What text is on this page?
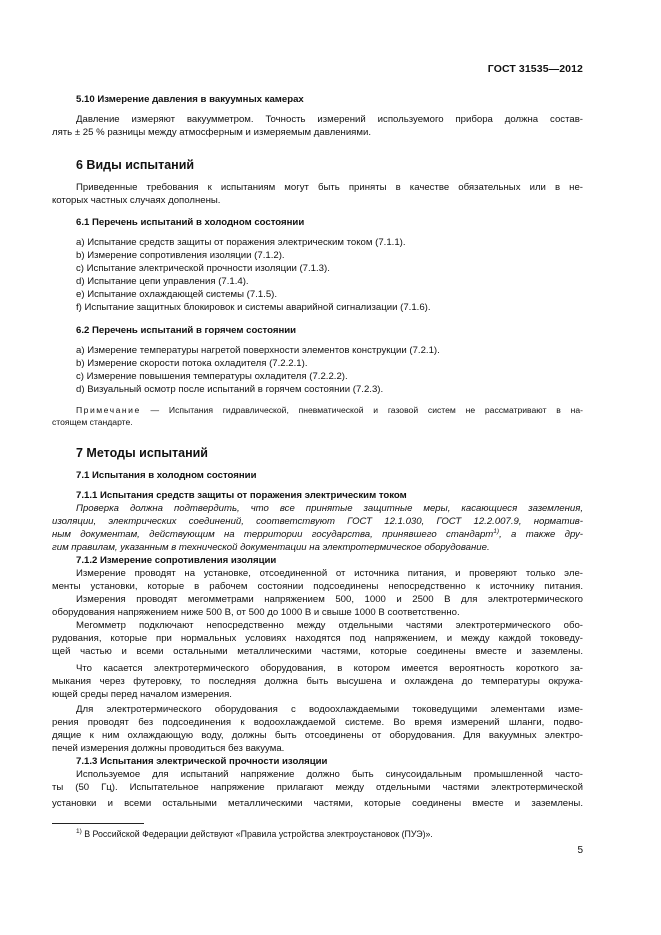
ГОСТ 31535—2012
5.10 Измерение давления в вакуумных камерах
Давление измеряют вакуумметром. Точность измерений используемого прибора должна состав-
лять ± 25 % разницы между атмосферным и измеряемым давлениями.
6 Виды испытаний
Приведенные требования к испытаниям могут быть приняты в качестве обязательных или в не-
которых частных случаях дополнены.
6.1 Перечень испытаний в холодном состоянии
a) Испытание средств защиты от поражения электрическим током (7.1.1).
b) Измерение сопротивления изоляции (7.1.2).
c) Испытание электрической прочности изоляции (7.1.3).
d) Испытание цепи управления (7.1.4).
e) Испытание охлаждающей системы (7.1.5).
f) Испытание защитных блокировок и системы аварийной сигнализации (7.1.6).
6.2 Перечень испытаний в горячем состоянии
a) Измерение температуры нагретой поверхности элементов конструкции (7.2.1).
b) Измерение скорости потока охладителя (7.2.2.1).
c) Измерение повышения температуры охладителя (7.2.2.2).
d) Визуальный осмотр после испытаний в горячем состоянии (7.2.3).
Примечание — Испытания гидравлической, пневматической и газовой систем не рассматривают в на-
стоящем стандарте.
7 Методы испытаний
7.1 Испытания в холодном состоянии
7.1.1 Испытания средств защиты от поражения электрическим током
Проверка должна подтвердить, что все принятые защитные меры, касающиеся заземления,
изоляции, электрических соединений, соответствуют ГОСТ 12.1.030, ГОСТ 12.2.007.9, норматив-
ным документам, действующим на территории государства, принявшего стандарт$^{1)}$, а также дру-
гим правилам, указанным в технической документации на электротермическое оборудование.
7.1.2 Измерение сопротивления изоляции
Измерение проводят на установке, отсоединенной от источника питания, и проверяют только эле-
менты установки, которые в рабочем состоянии подсоединены непосредственно к источнику питания.
Измерения проводят мегомметрами напряжением 500, 1000 и 2500 В для электротермического
оборудования напряжением ниже 500 В, от 500 до 1000 В и свыше 1000 В соответственно.
Мегомметр подключают непосредственно между отдельными частями электротермического обо-
рудования, которые при нормальных условиях находятся под напряжением, и между каждой токоведу-
щей частью и всеми остальными металлическими частями, которые соединены вместе и заземлены.
Что касается электротермического оборудования, в котором имеется вероятность короткого за-
мыкания через футеровку, то последняя должна быть высушена и охлаждена до температуры окружа-
ющей среды перед началом измерения.
Для электротермического оборудования с водоохлаждаемыми токоведущими элементами изме-
рения проводят без подсоединения к водоохлаждаемой системе. Во время измерений шланги, подво-
дящие к ним охлаждающую воду, должны быть отсоединены от оборудования. Для вакуумных электро-
печей измерения должны проводиться без вакуума.
7.1.3 Испытания электрической прочности изоляции
Используемое для испытаний напряжение должно быть синусоидальным промышленной часто-
ты (50 Гц). Испытательное напряжение прилагают между отдельными частями электротермической
установки и всеми остальными металлическими частями, которые соединены вместе и заземлены.
$^{1)}$ В Российской Федерации действуют «Правила устройства электроустановок (ПУЭ)».
5
